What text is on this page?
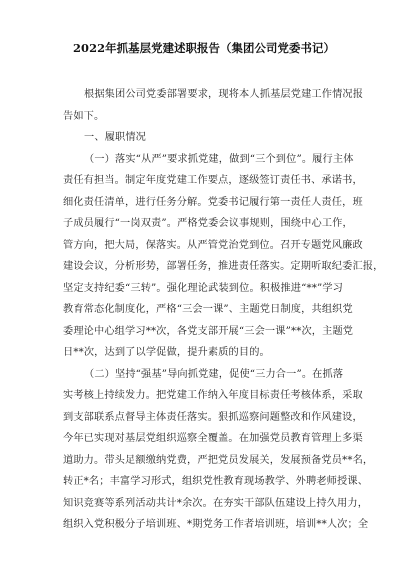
2022年抓基层党建述职报告（集团公司党委书记）
根据集团公司党委部署要求，现将本人抓基层党建工作情况报
告如下。
一、履职情况
（一）落实“从严”要求抓党建，做到“三个到位”。履行主体
责任有担当。制定年度党建工作要点，逐级签订责任书、承诺书，
细化责任清单，进行任务分解。党委书记履行第一责任人责任，班
子成员履行“一岗双责”。严格党委会议事规则，围绕中心工作，
管方向，把大局，保落实。从严管党治党到位。召开专题党风廉政
建设会议，分析形势，部署任务，推进责任落实。定期听取纪委汇报，
坚定支持纪委“三转”。强化理论武装到位。积极推进“**”学习
教育常态化制度化，严格“三会一课”、主题党日制度，共组织党
委理论中心组学习**次，各党支部开展“三会一课”**次，主题党
日**次，达到了以学促做，提升素质的目的。
（二）坚持“强基”导向抓党建，促使“三力合一”。在抓落
实考核上持续发力。把党建工作纳入年度目标责任考核体系，采取
到支部联系点督导主体责任落实。狠抓巡察问题整改和作风建设，
今年已实现对基层党组织巡察全覆盖。在加强党员教育管理上多渠
道助力。带头足额缴纳党费，严把党员发展关，发展预备党员**名，
转正*名；丰富学习形式，组织党性教育现场教学、外聘老师授课、
知识竞赛等系列活动共计*余次。在夯实干部队伍建设上持久用力，
组织入党积极分子培训班、*期党务工作者培训班，培训**人次；全
